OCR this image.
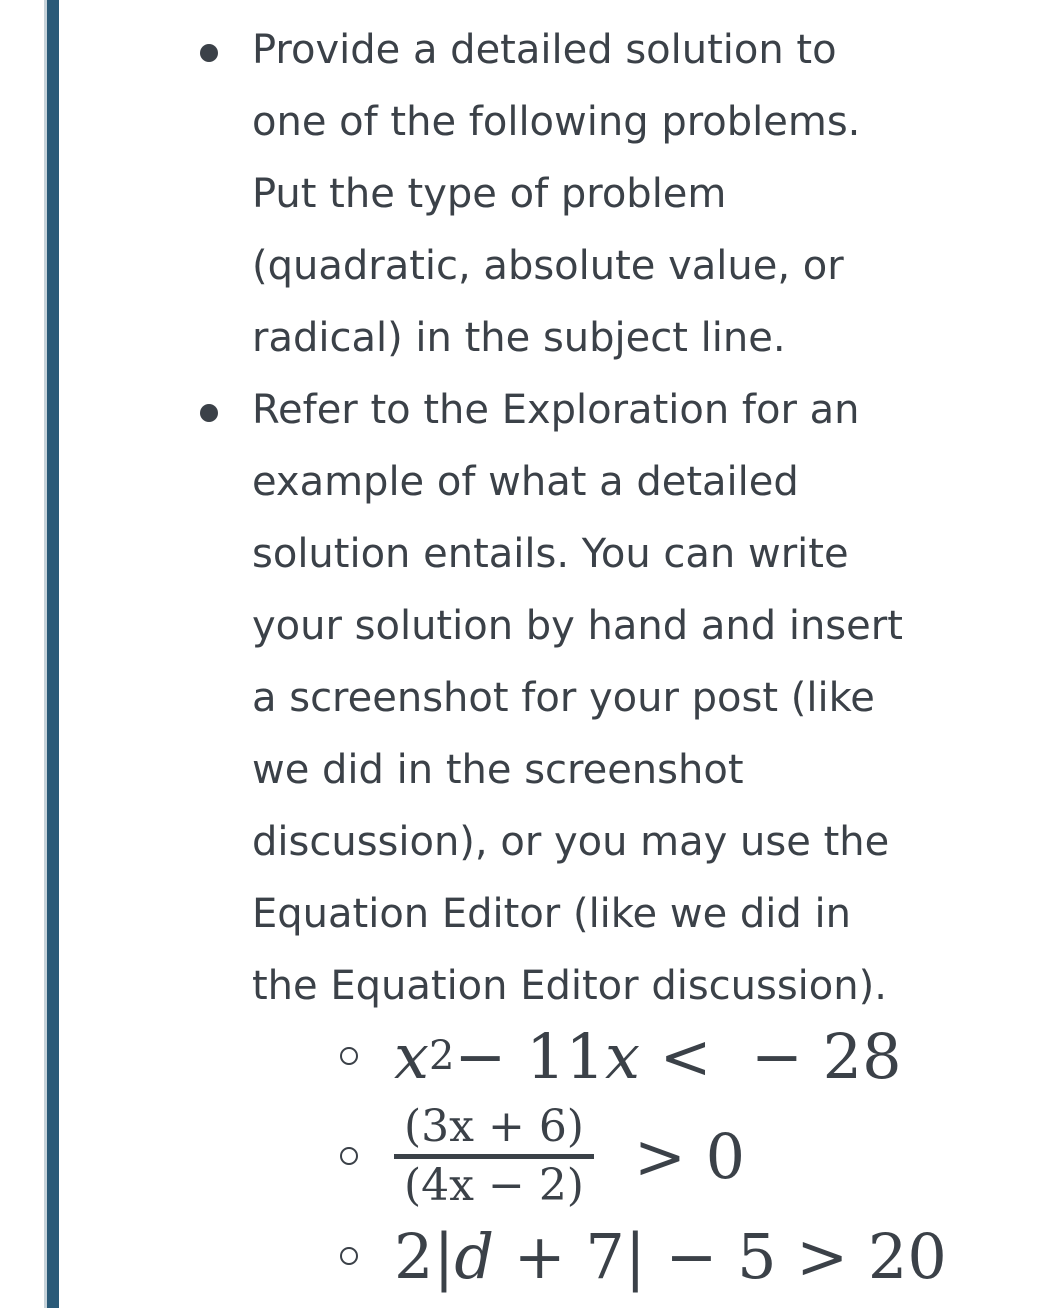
Provide a detailed solution to
one of the following problems.
Put the type of problem
(quadratic, absolute value, or
radical) in the subject line.
Refer to the Exploration for an
example of what a detailed
solution entails. You can write
your solution by hand and insert
a screenshot for your post (like
we did in the screenshot
discussion), or you may use the
Equation Editor (like we did in
the Equation Editor discussion).
x 2 − 11 x <  − 28
$\frac{(3x + 6)}{(4x - 2)} > 0$
2| d + 7| − 5 > 20
